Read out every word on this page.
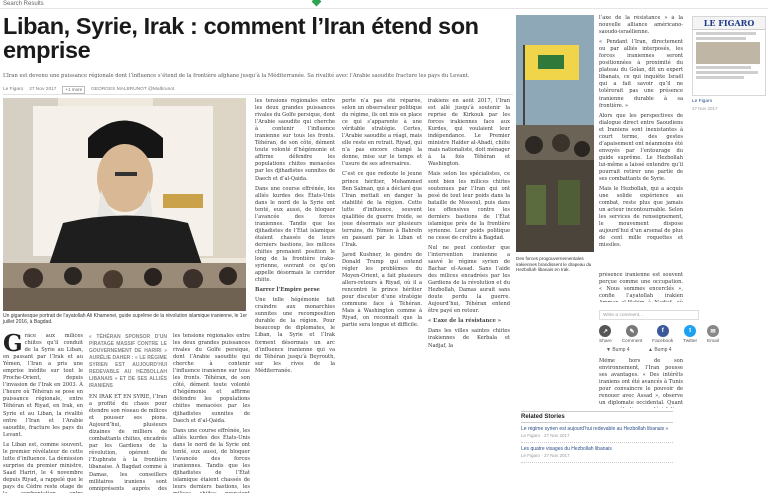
Search Results
Liban, Syrie, Irak : comment l’Iran étend son emprise

L’Iran est devenu une puissance régionale dont l’influence s’étend de la frontière afghane jusqu’à la Méditerranée. Sa rivalité avec l’Arabie saoudite fracture les pays du Levant.

Le Figaro 27 Nov 2017	+1 more	GEORGES MALBRUNOT @Malbrunot
Un gigantesque portrait de l’ayatollah Ali Khamenei, guide suprême de la révolution islamique iranienne, le 1er juillet 2016, à Bagdad.
G râce aux milices chiites qu’il conduit de la Syrie au Liban, en passant par l’Irak et au Yémen, l’Iran a pris une emprise inédite sur tout le Proche-Orient, depuis l’invasion de l’Irak en 2003. À l’heure où Téhéran se pose en puissance régionale, entre Téhéran et Riyad, en Irak, en Syrie et au Liban, la rivalité entre l’Iran et l’Arabie saoudite, fracture les pays du Levant.

Le Liban est, comme souvent, le premier révélateur de cette lutte d’influence. La démission surprise du premier ministre, Saad Hariri, le 4 novembre depuis Riyad, a rappelé que le pays du Cèdre reste otage de

« TÉHÉRAN SPONSOR D’UN PIRATAGE MASSIF CONTRE LE GOUVERNEMENT DE HARIRI » AURÉLIE DAHER : « LE RÉGIME SYRIEN EST AUJOURD’HUI REDEVABLE AU HEZBOLLAH LIBANAIS » ET DE SES ALLIÉS IRANIENS

EN IRAK ET EN SYRIE, l’Iran a profité du chaos pour étendre son réseau de milices et pousser ses pions. Aujourd’hui, plusieurs dizaines de milliers de combattants chiites, encadrés par les Gardiens de la révolution, opèrent de l’Euphrate à la frontière libanaise. À Bagdad comme à Damas, les conseillers militaires iraniens sont omniprésents auprès des

les tensions régionales entre les deux grandes puissances rivales du Golfe persique, dont l’Arabie saoudite qui cherche à contenir l’influence iranienne sur tous les fronts. Téhéran, de son côté, dément toute volonté d’hégémonie et affirme défendre les populations chiites menacées par les djihadistes sunnites de Daech et d’al-Qaida.

Dans une course effrénée, les alliés kurdes des États-Unis dans le nord de la Syrie ont tenté, eux aussi, de bloquer l’avancée des forces iraniennes. Tandis que les djihadistes de l’État islamique étaient chassés de leurs derniers bastions, les

les tensions régionales entre les deux grandes puissances rivales du Golfe persique, dont l’Arabie saoudite qui cherche à contenir l’influence iranienne sur tous les fronts. Téhéran, de son côté, dément toute volonté d’hégémonie et affirme défendre les populations chiites menacées par les djihadistes sunnites de Daech et d’al-Qaida.

Dans une course effrénée, les alliés kurdes des États-Unis dans le nord de la Syrie ont tenté, eux aussi, de bloquer l’avancée des forces iraniennes. Tandis que les djihadistes de l’État islamique étaient chassés de leurs derniers bastions, les milices chiites prenaient position le long de la frontière irako-syrienne, ouvrant ce qu’on appelle désormais le corridor chiite.

Barrer l’Empire perse

Une telle hégémonie fait craindre aux monarchies sunnites une recomposition durable de la région. Pour beaucoup de diplomates, le Liban, la Syrie et l’Irak forment désormais un arc d’influence iranienne qui va de Téhéran jusqu’à Beyrouth, sur les rives de la Méditerranée.

perte n’a pas été réparée, selon un observateur politique du régime, ils ont mis en place ce qui s’apparente à une véritable stratégie. Certes, l’Arabie saoudite a réagi, mais elle reste en retrait. Riyad, qui n’a pas encore changé la donne, mise sur le temps et l’usure de ses adversaires.

C’est ce que redoute le jeune prince héritier, Mohammed Ben Salman, qui a déclaré que l’Iran mettait en danger la stabilité de la région. Cette lutte d’influence, souvent qualifiée de guerre froide, se joue désormais sur plusieurs terrains, du Yémen à Bahreïn en passant par le Liban et l’Irak.

Jared Kushner, le gendre de Donald Trump qui entend régler les problèmes du Moyen-Orient, a fait plusieurs allers-retours à Riyad, où il a rencontré le prince héritier pour discuter d’une stratégie commune face à Téhéran. Mais à Washington comme à Riyad, on reconnaît que la partie sera longue et difficile.

irakiens en août 2017, l’Iran est allé jusqu’à soutenir la reprise de Kirkouk par les forces irakiennes face aux Kurdes, qui voulaient leur indépendance. Le Premier ministre Haïder al-Abadi, chiite mais nationaliste, doit ménager à la fois Téhéran et Washington.

Mais selon les spécialistes, ce sont bien les milices chiites soutenues par l’Iran qui ont pesé de tout leur poids dans la bataille de Mossoul, puis dans les offensives contre les derniers bastions de l’État islamique près de la frontière syrienne. Leur poids politique ne cesse de croître à Bagdad.

Nul ne peut contester que l’intervention iranienne a sauvé le régime syrien de Bachar el-Assad. Sans l’aide des milices encadrées par les Gardiens de la révolution et du Hezbollah, Damas aurait sans doute perdu la guerre. Aujourd’hui, Téhéran entend être payé en retour.

« L’axe de la résistance »

Dans les villes saintes chiites irakiennes de Kerbala et Nadjaf, la

Des forces progouvernementales irakiennes brandissent le drapeau du Hezbollah libanais en Irak.

l’axe de la résistance » à la nouvelle alliance américano-saoudo-israélienne.

« Pendant l’Iran, directement ou par alliés interposés, les forces iraniennes seront positionnées à proximité du plateau du Golan, dit un expert libanais, ce qui inquiète Israël qui a fait savoir qu’il ne tolérerait pas une présence iranienne durable à sa frontière. »

Alors que les perspectives de dialogue direct entre Saoudiens et Iraniens sont inexistantes à court terme, des gestes d’apaisement ont néanmoins été envoyés par l’entourage du guide suprême. Le Hezbollah lui-même a laissé entendre qu’il pourrait retirer une partie de ses combattants de Syrie.

Mais le Hezbollah, qui a acquis une solide expérience au combat, reste plus que jamais un acteur incontournable. Selon les services de renseignement, le mouvement dispose aujourd’hui d’un arsenal de plus de cent mille roquettes et missiles.

présence iranienne est souvent perçue comme une occupation. « Nous sommes encerclés », confie l’ayatollah irakien

LE FIGARO
Le Figaro
27 Nov 2017
Write a comment...
↗
Share
✎
Comment
f
Facebook
t
Twitter
✉
Email
▼ Bump 4	▲ Bump 4

Même hors de son environnement, l’Iran pousse ses avantages. « Des intérêts iraniens ont été avancés à Tunis pour convaincre le pouvoir de renouer avec Assad », observe un diplomate occidental. Quant

Related Stories
Le régime syrien est aujourd’hui redevable au Hezbollah libanais »
Le Figaro · 27 Nov 2017
Les quatre visages du Hezbollah libanais
Le Figaro · 27 Nov 2017
